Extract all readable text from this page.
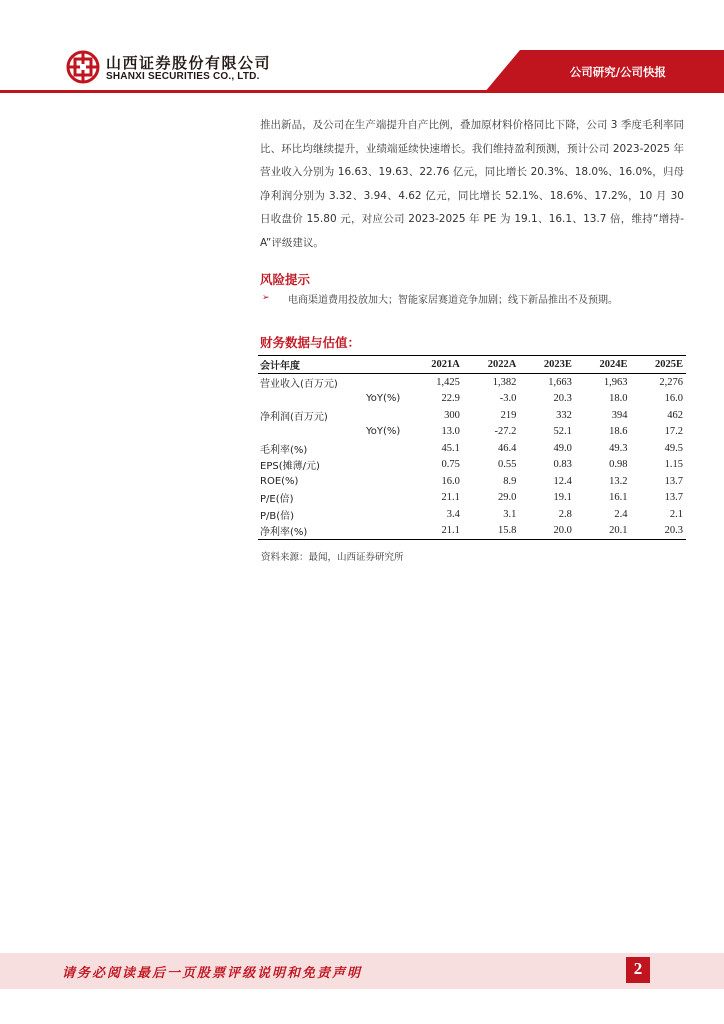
山西证券股份有限公司
SHANXI SECURITIES CO., LTD.	公司研究/公司快报
推出新品，及公司在生产端提升自产比例，叠加原材料价格同比下降，公司 3 季度毛利率同比、环比均继续提升，业绩端延续快速增长。我们维持盈利预测，预计公司 2023-2025 年营业收入分别为 16.63、19.63、22.76 亿元，同比增长 20.3%、18.0%、16.0%，归母净利润分别为 3.32、3.94、4.62 亿元，同比增长 52.1%、18.6%、17.2%，10 月 30 日收盘价 15.80 元，对应公司 2023-2025 年 PE 为 19.1、16.1、13.7 倍，维持“增持-A”评级建议。
风险提示
➢ 电商渠道费用投放加大；智能家居赛道竞争加剧；线下新品推出不及预期。
财务数据与估值：
会计年度	2021A	2022A	2023E	2024E	2025E
营业收入(百万元)	1,425	1,382	1,663	1,963	2,276
YoY(%)	22.9	-3.0	20.3	18.0	16.0
净利润(百万元)	300	219	332	394	462
YoY(%)	13.0	-27.2	52.1	18.6	17.2
毛利率(%)	45.1	46.4	49.0	49.3	49.5
EPS(摊薄/元)	0.75	0.55	0.83	0.98	1.15
ROE(%)	16.0	8.9	12.4	13.2	13.7
P/E(倍)	21.1	29.0	19.1	16.1	13.7
P/B(倍)	3.4	3.1	2.8	2.4	2.1
净利率(%)	21.1	15.8	20.0	20.1	20.3
资料来源：最闻，山西证券研究所
请务必阅读最后一页股票评级说明和免责声明	2
